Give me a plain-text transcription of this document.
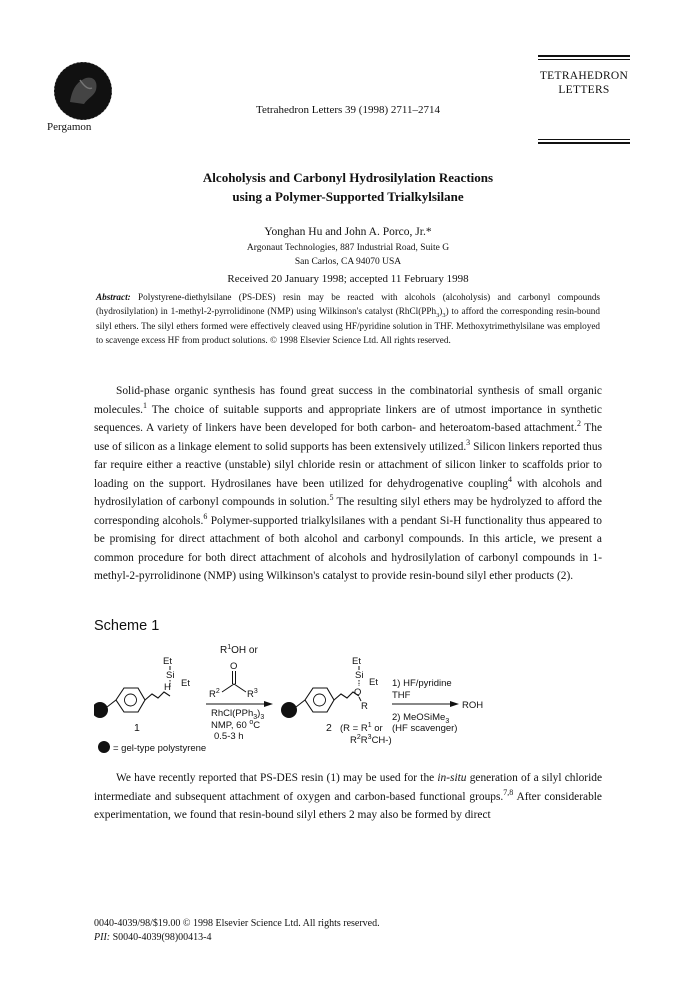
Pergamon
Tetrahedron Letters 39 (1998) 2711–2714
TETRAHEDRON
LETTERS
Alcoholysis and Carbonyl Hydrosilylation Reactions
using a Polymer-Supported Trialkylsilane
Yonghan Hu and John A. Porco, Jr.*
Argonaut Technologies, 887 Industrial Road, Suite G
San Carlos, CA 94070 USA
Received 20 January 1998; accepted 11 February 1998
Abstract: Polystyrene-diethylsilane (PS-DES) resin may be reacted with alcohols (alcoholysis) and carbonyl compounds (hydrosilylation) in 1-methyl-2-pyrrolidinone (NMP) using Wilkinson's catalyst $(RhCl(PPh_3)_3)$ to afford the corresponding resin-bound silyl ethers. The silyl ethers formed were effectively cleaved using HF/pyridine solution in THF. Methoxytrimethylsilane was employed to scavenge excess HF from product solutions. © 1998 Elsevier Science Ltd. All rights reserved.
Solid-phase organic synthesis has found great success in the combinatorial synthesis of small organic molecules.$^1$ The choice of suitable supports and appropriate linkers are of utmost importance in synthetic sequences. A variety of linkers have been developed for both carbon- and heteroatom-based attachment.$^2$ The use of silicon as a linkage element to solid supports has been extensively utilized.$^3$ Silicon linkers reported thus far require either a reactive (unstable) silyl chloride resin or attachment of silicon linker to scaffolds prior to loading on the support. Hydrosilanes have been utilized for dehydrogenative coupling$^4$ with alcohols and hydrosilylation of carbonyl compounds in solution.$^5$ The resulting silyl ethers may be hydrolyzed to afford the corresponding alcohols.$^6$ Polymer-supported trialkylsilanes with a pendant Si-H functionality thus appeared to be promising for direct attachment of both alcohol and carbonyl compounds. In this article, we present a common procedure for both direct attachment of alcohols and hydrosilylation of carbonyl compounds in 1-methyl-2-pyrrolidinone (NMP) using Wilkinson's catalyst to provide resin-bound silyl ether products (2).
Scheme 1
Et
Si
Et
H
1
$R^1OH$ or
O
$R^2$	$R^3$
$RhCl(PPh_3)_3$
NMP, 60 $^o$C
0.5-3 h
Et
Si
Et
O
R
2 ($R = R^1$ or
$R^2R^3CH-$)
1) HF/pyridine
THF
ROH
2) MeOSiMe$_3$
(HF scavenger)
= gel-type polystyrene
We have recently reported that PS-DES resin (1) may be used for the in-situ generation of a silyl chloride intermediate and subsequent attachment of oxygen and carbon-based functional groups.$^{7,8}$ After considerable experimentation, we found that resin-bound silyl ethers 2 may also be formed by direct
0040-4039/98/$19.00 © 1998 Elsevier Science Ltd. All rights reserved.
PII: S0040-4039(98)00413-4
